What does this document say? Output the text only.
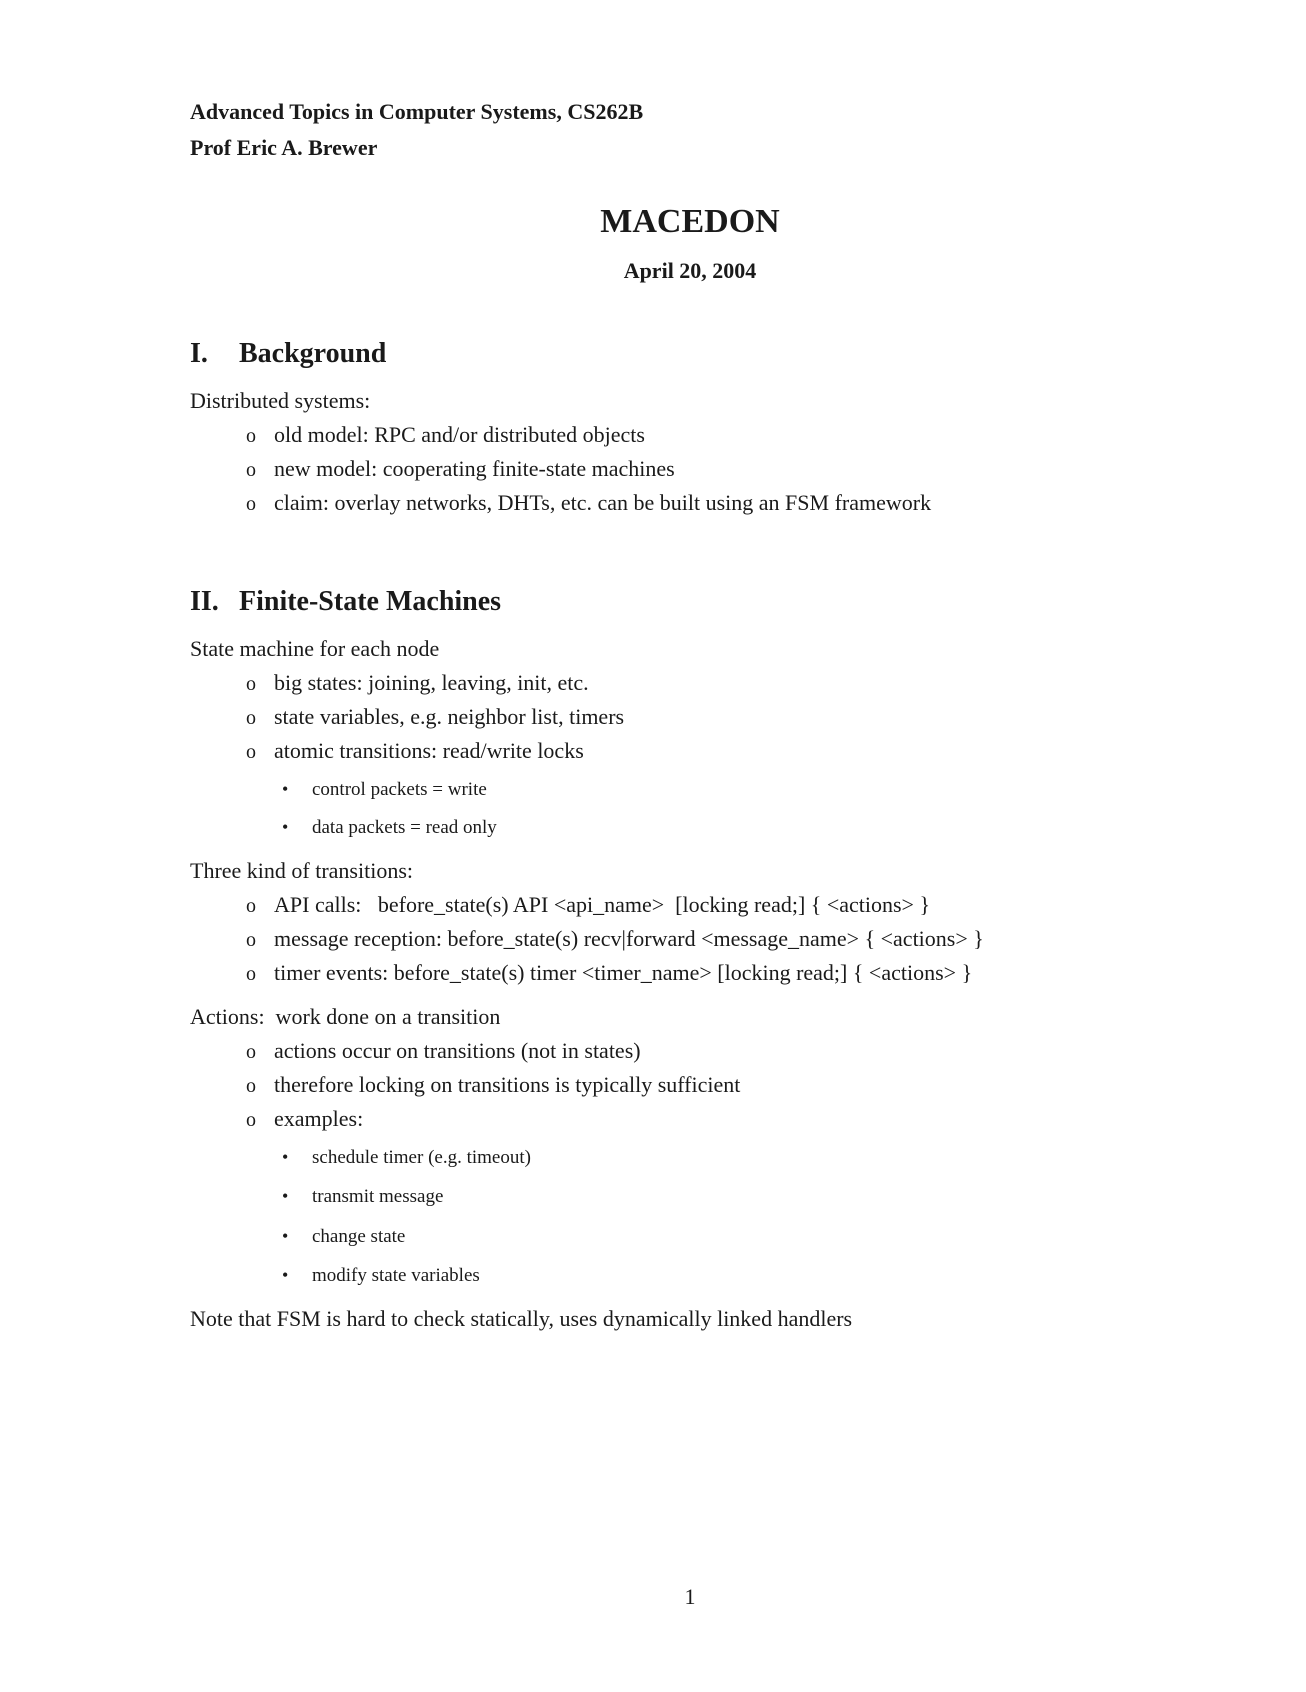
Advanced Topics in Computer Systems, CS262B
Prof Eric A. Brewer
MACEDON
April 20, 2004
I. Background
Distributed systems:
o old model: RPC and/or distributed objects
o new model: cooperating finite-state machines
o claim: overlay networks, DHTs, etc. can be built using an FSM framework
II. Finite-State Machines
State machine for each node
o big states: joining, leaving, init, etc.
o state variables, e.g. neighbor list, timers
o atomic transitions: read/write locks
• control packets = write
• data packets = read only
Three kind of transitions:
o API calls:   before_state(s) API <api_name>  [locking read;] { <actions> }
o message reception: before_state(s) recv|forward <message_name> { <actions> }
o timer events: before_state(s) timer <timer_name> [locking read;] { <actions> }
Actions:  work done on a transition
o actions occur on transitions (not in states)
o therefore locking on transitions is typically sufficient
o examples:
• schedule timer (e.g. timeout)
• transmit message
• change state
• modify state variables
Note that FSM is hard to check statically, uses dynamically linked handlers
1
